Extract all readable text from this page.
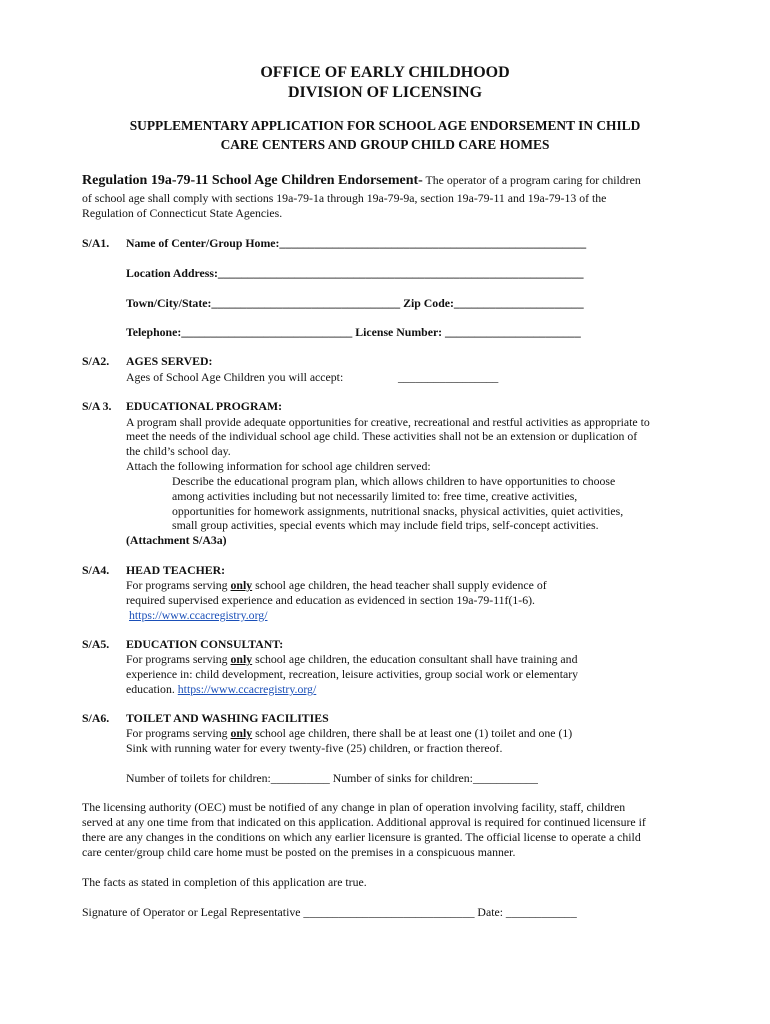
OFFICE OF EARLY CHILDHOOD
DIVISION OF LICENSING
SUPPLEMENTARY APPLICATION FOR SCHOOL AGE ENDORSEMENT IN CHILD
CARE CENTERS AND GROUP CHILD CARE HOMES
Regulation 19a-79-11 School Age Children Endorsement- The operator of a program caring for children
of school age shall comply with sections 19a-79-1a through 19a-79-9a, section 19a-79-11 and 19a-79-13 of the
Regulation of Connecticut State Agencies.
S/A1. Name of Center/Group Home:____________________________________________________
Location Address:______________________________________________________________
Town/City/State:________________________________ Zip Code:______________________
Telephone:_____________________________ License Number: _______________________
S/A2. AGES SERVED:
Ages of School Age Children you will accept:	_________________
S/A 3. EDUCATIONAL PROGRAM:
A program shall provide adequate opportunities for creative, recreational and restful activities as appropriate to
meet the needs of the individual school age child. These activities shall not be an extension or duplication of
the child’s school day.
Attach the following information for school age children served:
Describe the educational program plan, which allows children to have opportunities to choose
among activities including but not necessarily limited to: free time, creative activities,
opportunities for homework assignments, nutritional snacks, physical activities, quiet activities,
small group activities, special events which may include field trips, self-concept activities.
(Attachment S/A3a)
S/A4. HEAD TEACHER:
For programs serving only school age children, the head teacher shall supply evidence of
required supervised experience and education as evidenced in section 19a-79-11f(1-6).
https://www.ccacregistry.org/
S/A5. EDUCATION CONSULTANT:
For programs serving only school age children, the education consultant shall have training and
experience in: child development, recreation, leisure activities, group social work or elementary
education. https://www.ccacregistry.org/
S/A6. TOILET AND WASHING FACILITIES
For programs serving only school age children, there shall be at least one (1) toilet and one (1)
Sink with running water for every twenty-five (25) children, or fraction thereof.
Number of toilets for children:__________ Number of sinks for children:___________
The licensing authority (OEC) must be notified of any change in plan of operation involving facility, staff, children
served at any one time from that indicated on this application. Additional approval is required for continued licensure if
there are any changes in the conditions on which any earlier licensure is granted. The official license to operate a child
care center/group child care home must be posted on the premises in a conspicuous manner.
The facts as stated in completion of this application are true.
Signature of Operator or Legal Representative _____________________________ Date: ____________
